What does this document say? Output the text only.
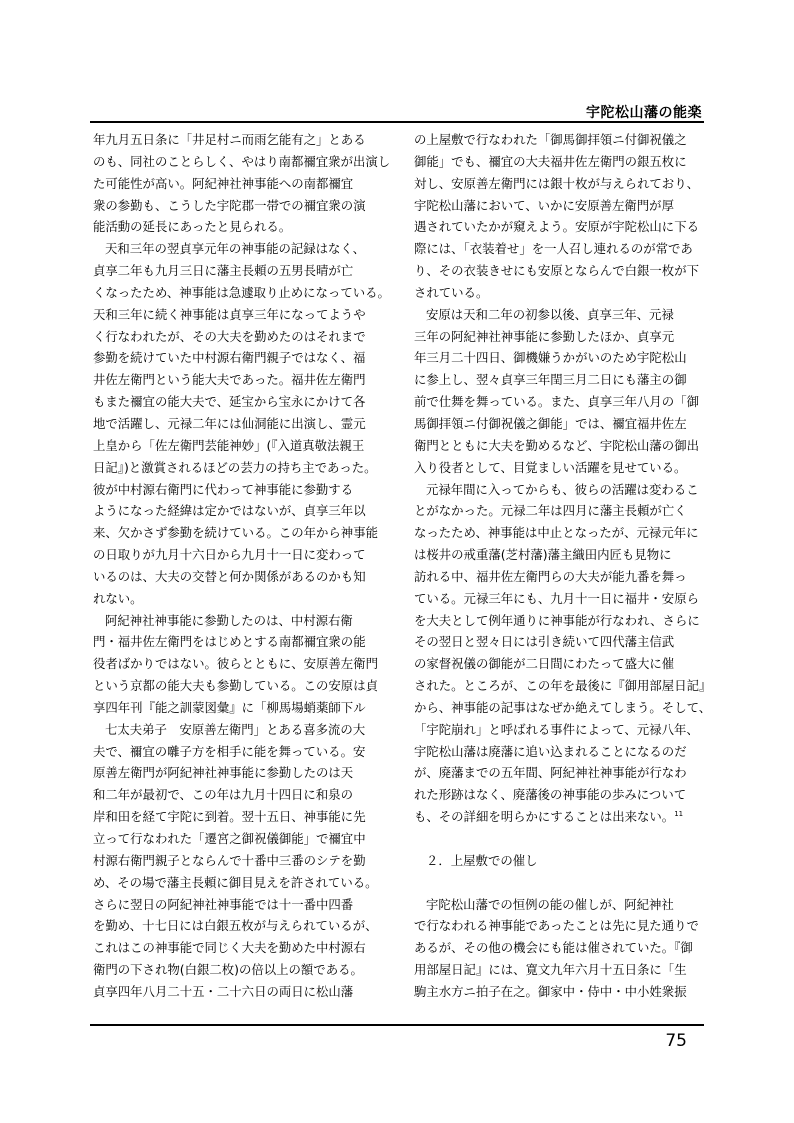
宇陀松山藩の能楽
年九月五日条に「井足村ニ而雨乞能有之」とある
のも、同社のことらしく、やはり南都禰宜衆が出演し
た可能性が高い。阿紀神社神事能への南都禰宜
衆の参勤も、こうした宇陀郡一帯での禰宜衆の演
能活動の延長にあったと見られる。
天和三年の翌貞享元年の神事能の記録はなく、
貞享二年も九月三日に藩主長頼の五男長晴が亡
くなったため、神事能は急遽取り止めになっている。
天和三年に続く神事能は貞享三年になってようや
く行なわれたが、その大夫を勤めたのはそれまで
参勤を続けていた中村源右衛門親子ではなく、福
井佐左衛門という能大夫であった。福井佐左衛門
もまた禰宜の能大夫で、延宝から宝永にかけて各
地で活躍し、元禄二年には仙洞能に出演し、霊元
上皇から「佐左衛門芸能神妙」(『入道真敬法親王
日記』)と激賞されるほどの芸力の持ち主であった。
彼が中村源右衛門に代わって神事能に参勤する
ようになった経緯は定かではないが、貞享三年以
来、欠かさず参勤を続けている。この年から神事能
の日取りが九月十六日から九月十一日に変わって
いるのは、大夫の交替と何か関係があるのかも知
れない。
阿紀神社神事能に参勤したのは、中村源右衛
門・福井佐左衛門をはじめとする南都禰宜衆の能
役者ばかりではない。彼らとともに、安原善左衛門
という京都の能大夫も参勤している。この安原は貞
享四年刊『能之訓蒙図彙』に「柳馬場蛸薬師下ル
七太夫弟子　安原善左衛門」とある喜多流の大
夫で、禰宜の囃子方を相手に能を舞っている。安
原善左衛門が阿紀神社神事能に参勤したのは天
和二年が最初で、この年は九月十四日に和泉の
岸和田を経て宇陀に到着。翌十五日、神事能に先
立って行なわれた「遷宮之御祝儀御能」で禰宜中
村源右衛門親子とならんで十番中三番のシテを勤
め、その場で藩主長頼に御目見えを許されている。
さらに翌日の阿紀神社神事能では十一番中四番
を勤め、十七日には白銀五枚が与えられているが、
これはこの神事能で同じく大夫を勤めた中村源右
衛門の下され物(白銀二枚)の倍以上の額である。
貞享四年八月二十五・二十六日の両日に松山藩
の上屋敷で行なわれた「御馬御拝領ニ付御祝儀之
御能」でも、禰宜の大夫福井佐左衛門の銀五枚に
対し、安原善左衛門には銀十枚が与えられており、
宇陀松山藩において、いかに安原善左衛門が厚
遇されていたかが窺えよう。安原が宇陀松山に下る
際には、「衣装着せ」を一人召し連れるのが常であ
り、その衣装きせにも安原とならんで白銀一枚が下
されている。
安原は天和二年の初参以後、貞享三年、元禄
三年の阿紀神社神事能に参勤したほか、貞享元
年三月二十四日、御機嫌うかがいのため宇陀松山
に参上し、翌々貞享三年閏三月二日にも藩主の御
前で仕舞を舞っている。また、貞享三年八月の「御
馬御拝領ニ付御祝儀之御能」では、禰宜福井佐左
衛門とともに大夫を勤めるなど、宇陀松山藩の御出
入り役者として、目覚ましい活躍を見せている。
元禄年間に入ってからも、彼らの活躍は変わるこ
とがなかった。元禄二年は四月に藩主長頼が亡く
なったため、神事能は中止となったが、元禄元年に
は桜井の戒重藩(芝村藩)藩主織田内匠も見物に
訪れる中、福井佐左衛門らの大夫が能九番を舞っ
ている。元禄三年にも、九月十一日に福井・安原ら
を大夫として例年通りに神事能が行なわれ、さらに
その翌日と翌々日には引き続いて四代藩主信武
の家督祝儀の御能が二日間にわたって盛大に催
された。ところが、この年を最後に『御用部屋日記』
から、神事能の記事はなぜか絶えてしまう。そして、
「宇陀崩れ」と呼ばれる事件によって、元禄八年、
宇陀松山藩は廃藩に追い込まれることになるのだ
が、廃藩までの五年間、阿紀神社神事能が行なわ
れた形跡はなく、廃藩後の神事能の歩みについて
も、その詳細を明らかにすることは出来ない。$^{11}$
２．上屋敷での催し
宇陀松山藩での恒例の能の催しが、阿紀神社
で行なわれる神事能であったことは先に見た通りで
あるが、その他の機会にも能は催されていた。『御
用部屋日記』には、寛文九年六月十五日条に「生
駒主水方ニ拍子在之。御家中・侍中・中小姓衆振
75
